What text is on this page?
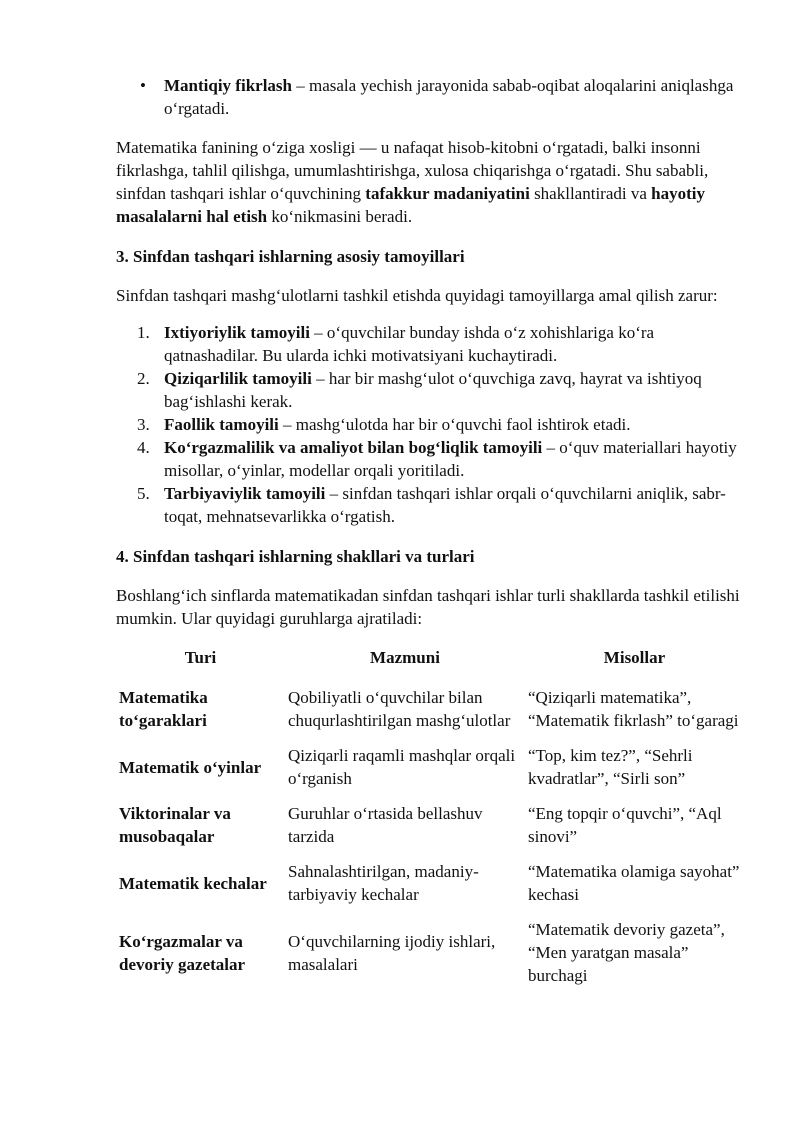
• Mantiqiy fikrlash – masala yechish jarayonida sabab-oqibat aloqalarini aniqlashga o‘rgatadi.

Matematika fanining o‘ziga xosligi — u nafaqat hisob-kitobni o‘rgatadi, balki insonni fikrlashga, tahlil qilishga, umumlashtirishga, xulosa chiqarishga o‘rgatadi. Shu sababli, sinfdan tashqari ishlar o‘quvchining tafakkur madaniyatini shakllantiradi va hayotiy masalalarni hal etish ko‘nikmasini beradi.

3. Sinfdan tashqari ishlarning asosiy tamoyillari

Sinfdan tashqari mashg‘ulotlarni tashkil etishda quyidagi tamoyillarga amal qilish zarur:

1. Ixtiyoriylik tamoyili – o‘quvchilar bunday ishda o‘z xohishlariga ko‘ra qatnashadilar. Bu ularda ichki motivatsiyani kuchaytiradi.
2. Qiziqarlilik tamoyili – har bir mashg‘ulot o‘quvchiga zavq, hayrat va ishtiyoq bag‘ishlashi kerak.
3. Faollik tamoyili – mashg‘ulotda har bir o‘quvchi faol ishtirok etadi.
4. Ko‘rgazmalilik va amaliyot bilan bog‘liqlik tamoyili – o‘quv materiallari hayotiy misollar, o‘yinlar, modellar orqali yoritiladi.
5. Tarbiyaviylik tamoyili – sinfdan tashqari ishlar orqali o‘quvchilarni aniqlik, sabr-toqat, mehnatsevarlikka o‘rgatish.
4. Sinfdan tashqari ishlarning shakllari va turlari

Boshlang‘ich sinflarda matematikadan sinfdan tashqari ishlar turli shakllarda tashkil etilishi mumkin. Ular quyidagi guruhlarga ajratiladi:

Turi	Mazmuni	Misollar
Matematika to‘garaklari	Qobiliyatli o‘quvchilar bilan chuqurlashtirilgan mashg‘ulotlar	“Qiziqarli matematika”, “Matematik fikrlash” to‘garagi
Matematik o‘yinlar	Qiziqarli raqamli mashqlar orqali o‘rganish	“Top, kim tez?”, “Sehrli kvadratlar”, “Sirli son”
Viktorinalar va musobaqalar	Guruhlar o‘rtasida bellashuv tarzida	“Eng topqir o‘quvchi”, “Aql sinovi”
Matematik kechalar	Sahnalashtirilgan, madaniy-tarbiyaviy kechalar	“Matematika olamiga sayohat” kechasi
Ko‘rgazmalar va devoriy gazetalar	O‘quvchilarning ijodiy ishlari, masalalari	“Matematik devoriy gazeta”, “Men yaratgan masala” burchagi
